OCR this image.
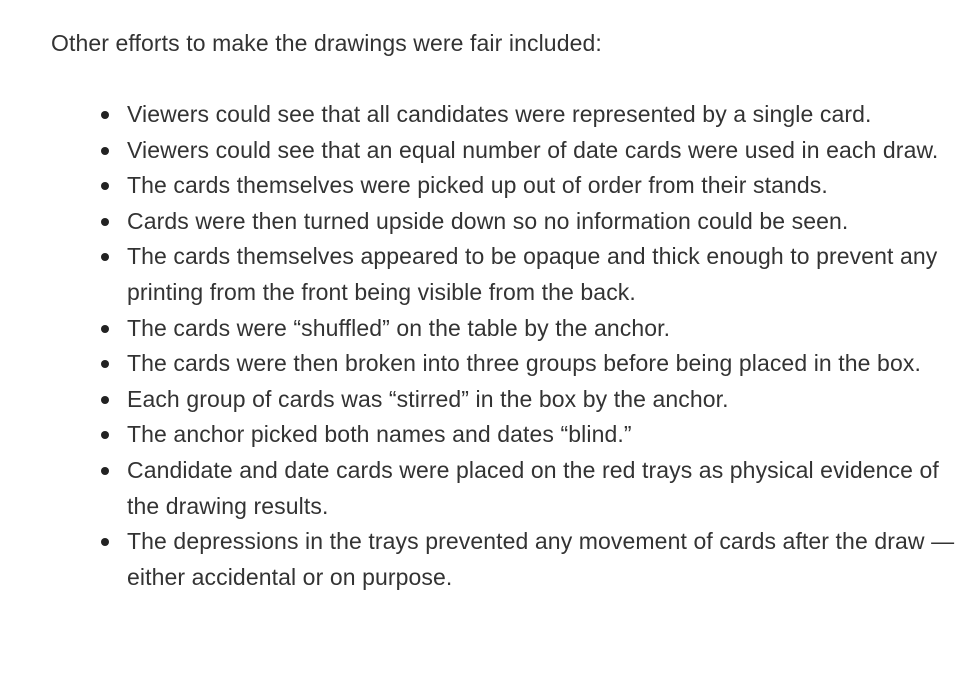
Other efforts to make the drawings were fair included:

Viewers could see that all candidates were represented by a single card.
Viewers could see that an equal number of date cards were used in each draw.
The cards themselves were picked up out of order from their stands.
Cards were then turned upside down so no information could be seen.
The cards themselves appeared to be opaque and thick enough to prevent any printing from the front being visible from the back.
The cards were “shuffled” on the table by the anchor.
The cards were then broken into three groups before being placed in the box.
Each group of cards was “stirred” in the box by the anchor.
The anchor picked both names and dates “blind.”
Candidate and date cards were placed on the red trays as physical evidence of the drawing results.
The depressions in the trays prevented any movement of cards after the draw — either accidental or on purpose.
